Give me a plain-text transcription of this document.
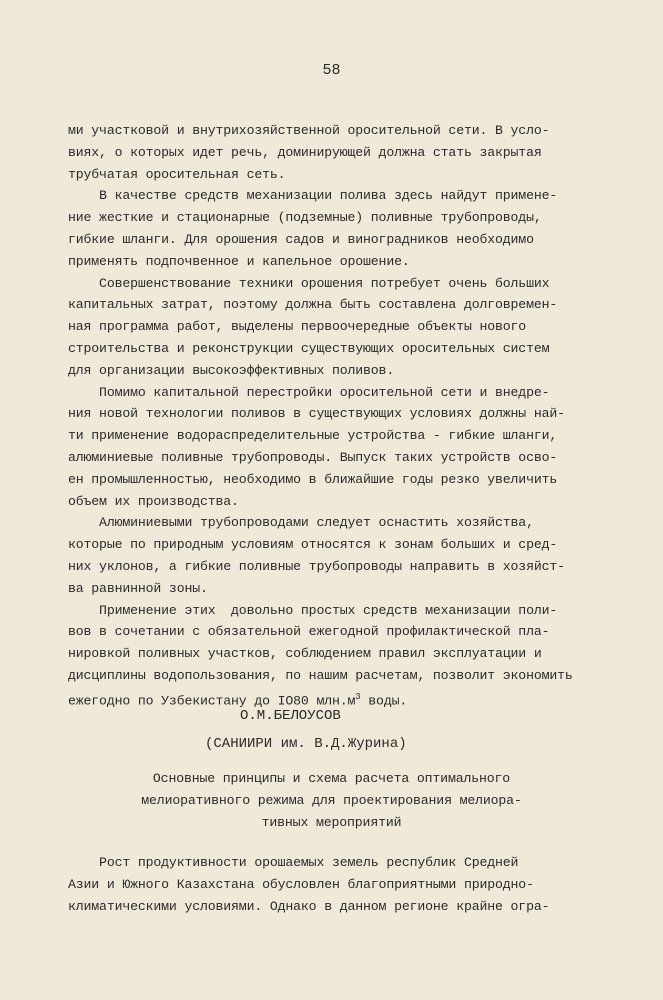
58
ми участковой и внутрихозяйственной оросительной сети. В усло-
виях, о которых идет речь, доминирующей должна стать закрытая
трубчатая оросительная сеть.
В качестве средств механизации полива здесь найдут примене-
ние жесткие и стационарные (подземные) поливные трубопроводы,
гибкие шланги. Для орошения садов и виноградников необходимо
применять подпочвенное и капельное орошение.
Совершенствование техники орошения потребует очень больших
капитальных затрат, поэтому должна быть составлена долговремен-
ная программа работ, выделены первоочередные объекты нового
строительства и реконструкции существующих оросительных систем
для организации высокоэффективных поливов.
Помимо капитальной перестройки оросительной сети и внедре-
ния новой технологии поливов в существующих условиях должны най-
ти применение водораспределительные устройства - гибкие шланги,
алюминиевые поливные трубопроводы. Выпуск таких устройств осво-
ен промышленностью, необходимо в ближайшие годы резко увеличить
объем их производства.
Алюминиевыми трубопроводами следует оснастить хозяйства,
которые по природным условиям относятся к зонам больших и сред-
них уклонов, а гибкие поливные трубопроводы направить в хозяйст-
ва равнинной зоны.
Применение этих  довольно простых средств механизации поли-
вов в сочетании с обязательной ежегодной профилактической пла-
нировкой поливных участков, соблюдением правил эксплуатации и
дисциплины водопользования, по нашим расчетам, позволит экономить
ежегодно по Узбекистану до IO80 $млн.м^3$ воды.
О.М.БЕЛОУСОВ
(САНИИРИ им. В.Д.Журина)
Основные принципы и схема расчета оптимального
мелиоративного режима для проектирования мелиора-
тивных мероприятий
Рост продуктивности орошаемых земель республик Средней
Азии и Южного Казахстана обусловлен благоприятными природно-
климатическими условиями. Однако в данном регионе крайне огра-
